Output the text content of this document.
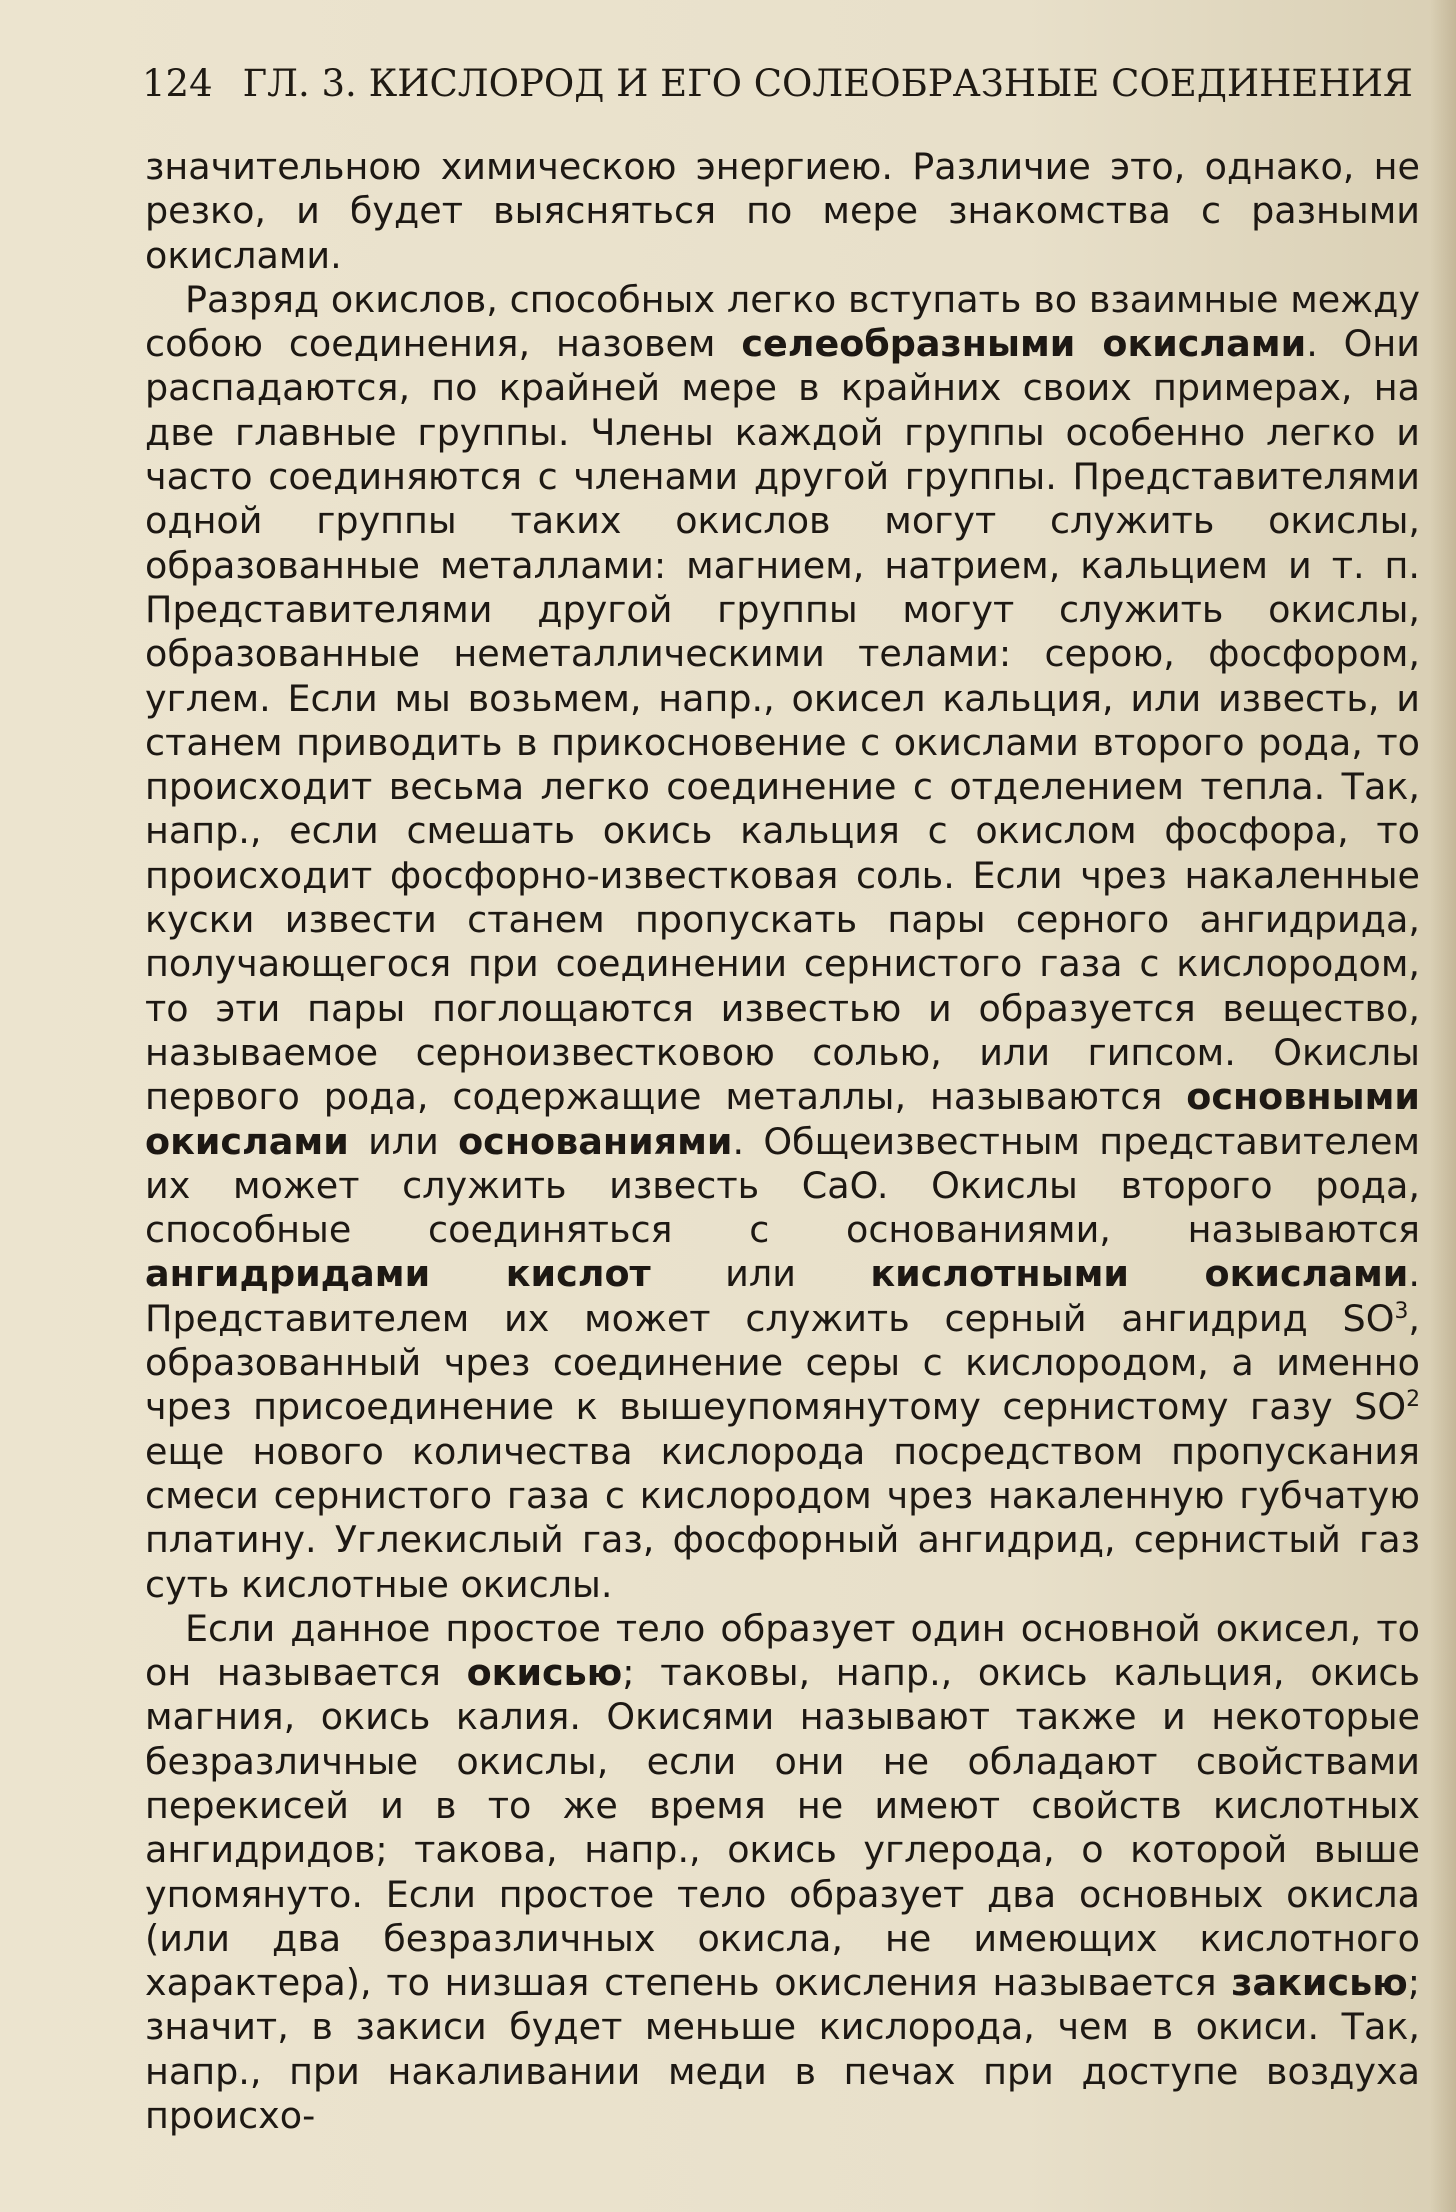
124 ГЛ. 3. КИСЛОРОД И ЕГО СОЛЕОБРАЗНЫЕ СОЕДИНЕНИЯ

значительною химическою энергиею. Различие это, однако, не резко, и будет выясняться по мере знакомства с разными окислами.

Разряд окислов, способных легко вступать во взаимные между собою соединения, назовем селеобразными окислами. Они распадаются, по крайней мере в крайних своих примерах, на две главные группы. Члены каждой группы особенно легко и часто соединяются с членами другой группы. Представителями одной группы таких окислов могут служить окислы, образованные металлами: магнием, натрием, кальцием и т. п. Представителями другой группы могут служить окислы, образованные неметаллическими телами: серою, фосфором, углем. Если мы возьмем, напр., окисел кальция, или известь, и станем приводить в прикосновение с окислами второго рода, то происходит весьма легко соединение с отделением тепла. Так, напр., если смешать окись кальция с окислом фосфора, то происходит фосфорно-известковая соль. Если чрез накаленные куски извести станем пропускать пары серного ангидрида, получающегося при соединении сернистого газа с кислородом, то эти пары поглощаются известью и образуется вещество, называемое серноизвестковою солью, или гипсом. Окислы первого рода, содержащие металлы, называются основными окислами или основаниями. Общеизвестным представителем их может служить известь CaO. Окислы второго рода, способные соединяться с основаниями, называются ангидридами кислот или кислотными окислами. Представителем их может служить серный ангидрид $SO^3$, образованный чрез соединение серы с кислородом, а именно чрез присоединение к вышеупомянутому сернистому газу $SO^2$ еще нового количества кислорода посредством пропускания смеси сернистого газа с кислородом чрез накаленную губчатую платину. Углекислый газ, фосфорный ангидрид, сернистый газ суть кислотные окислы.

Если данное простое тело образует один основной окисел, то он называется окисью; таковы, напр., окись кальция, окись магния, окись калия. Окисями называют также и некоторые безразличные окислы, если они не обладают свойствами перекисей и в то же время не имеют свойств кислотных ангидридов; такова, напр., окись углерода, о которой выше упомянуто. Если простое тело образует два основных окисла (или два безразличных окисла, не имеющих кислотного характера), то низшая степень окисления называется закисью; значит, в закиси будет меньше кислорода, чем в окиси. Так, напр., при накаливании меди в печах при доступе воздуха происхо-
